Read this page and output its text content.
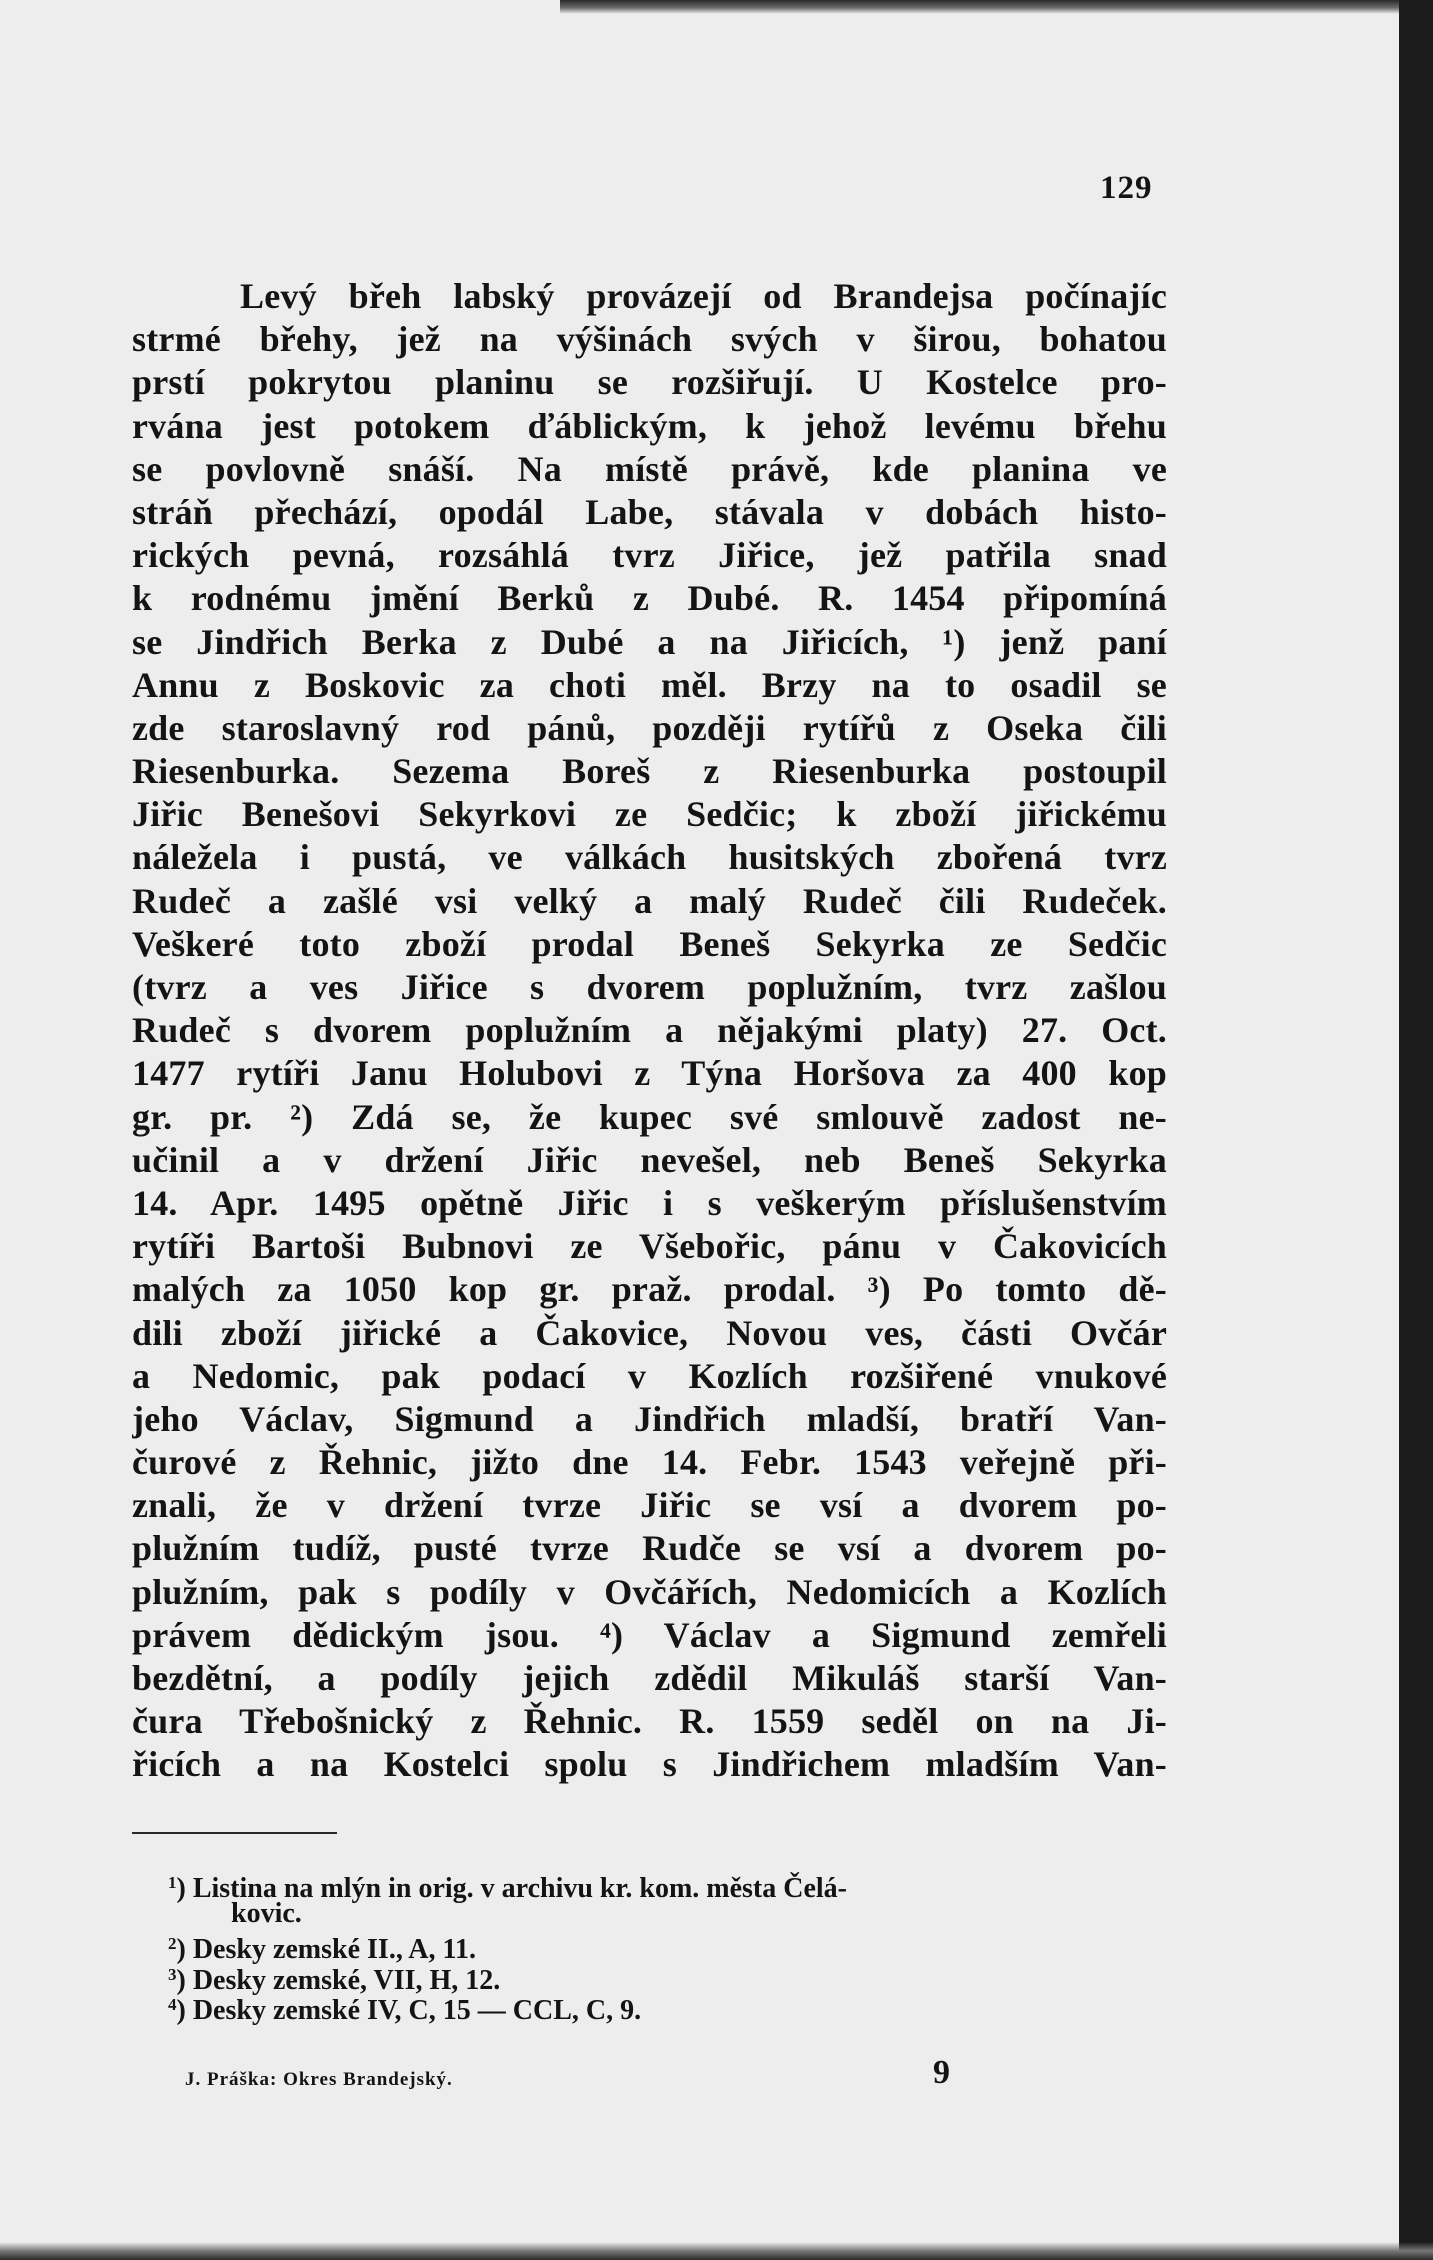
129
Levý břeh labský provázejí od Brandejsa počínajíc
strmé břehy, jež na výšinách svých v širou, bohatou
prstí pokrytou planinu se rozšiřují. U Kostelce pro-
rvána jest potokem ďáblickým, k jehož levému břehu
se povlovně snáší. Na místě právě, kde planina ve
stráň přechází, opodál Labe, stávala v dobách histo-
rických pevná, rozsáhlá tvrz Jiřice, jež patřila snad
k rodnému jmění Berků z Dubé. R. 1454 připomíná
se Jindřich Berka z Dubé a na Jiřicích, ¹) jenž paní
Annu z Boskovic za choti měl. Brzy na to osadil se
zde staroslavný rod pánů, později rytířů z Oseka čili
Riesenburka. Sezema Boreš z Riesenburka postoupil
Jiřic Benešovi Sekyrkovi ze Sedčic; k zboží jiřickému
náležela i pustá, ve válkách husitských zbořená tvrz
Rudeč a zašlé vsi velký a malý Rudeč čili Rudeček.
Veškeré toto zboží prodal Beneš Sekyrka ze Sedčic
(tvrz a ves Jiřice s dvorem poplužním, tvrz zašlou
Rudeč s dvorem poplužním a nějakými platy) 27. Oct.
1477 rytíři Janu Holubovi z Týna Horšova za 400 kop
gr. pr. ²) Zdá se, že kupec své smlouvě zadost ne-
učinil a v držení Jiřic nevešel, neb Beneš Sekyrka
14. Apr. 1495 opětně Jiřic i s veškerým příslušenstvím
rytíři Bartoši Bubnovi ze Všebořic, pánu v Čakovicích
malých za 1050 kop gr. praž. prodal. ³) Po tomto dě-
dili zboží jiřické a Čakovice, Novou ves, části Ovčár
a Nedomic, pak podací v Kozlích rozšiřené vnukové
jeho Václav, Sigmund a Jindřich mladší, bratří Van-
čurové z Řehnic, jižto dne 14. Febr. 1543 veřejně při-
znali, že v držení tvrze Jiřic se vsí a dvorem po-
plužním tudíž, pusté tvrze Rudče se vsí a dvorem po-
plužním, pak s podíly v Ovčářích, Nedomicích a Kozlích
právem dědickým jsou. ⁴) Václav a Sigmund zemřeli
bezdětní, a podíly jejich zdědil Mikuláš starší Van-
čura Třebošnický z Řehnic. R. 1559 seděl on na Ji-
řicích a na Kostelci spolu s Jindřichem mladším Van-
$^1$) Listina na mlýn in orig. v archivu kr. kom. města Čelá-
kovic.
$^2$) Desky zemské II., A, 11.
$^3$) Desky zemské, VII, H, 12.
$^4$) Desky zemské IV, C, 15 — CCL, C, 9.
J. Práška: Okres Brandejský.	9
